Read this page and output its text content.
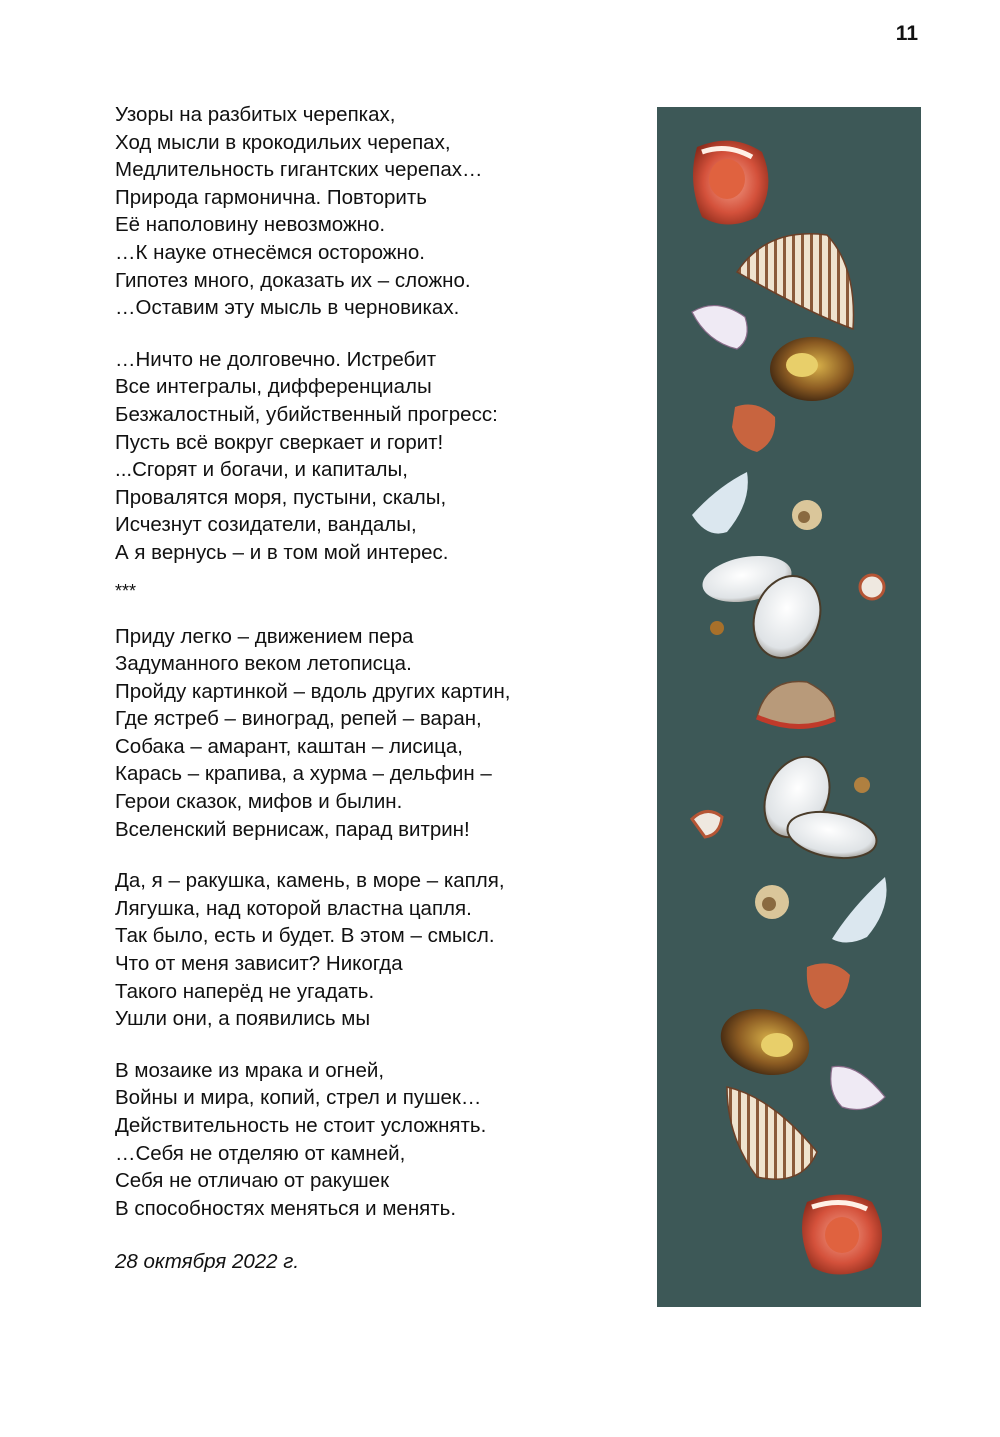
11
Узоры на разбитых черепках,
Ход мысли в крокодильих черепах,
Медлительность гигантских черепах…
Природа гармонична. Повторить
Её наполовину невозможно.
…К науке отнесёмся осторожно.
Гипотез много, доказать их – сложно.
…Оставим эту мысль в черновиках.
…Ничто не долговечно. Истребит
Все интегралы, дифференциалы
Безжалостный, убийственный прогресс:
Пусть всё вокруг сверкает и горит!
...Сгорят и богачи, и капиталы,
Провалятся моря, пустыни, скалы,
Исчезнут созидатели, вандалы,
А я вернусь – и в том мой интерес.
***
Приду легко – движением пера
Задуманного веком летописца.
Пройду картинкой – вдоль других картин,
Где ястреб – виноград, репей – варан,
Собака – амарант, каштан – лисица,
Карась – крапива, а хурма – дельфин –
Герои сказок, мифов и былин.
Вселенский вернисаж, парад витрин!
Да, я – ракушка, камень, в море – капля,
Лягушка, над которой властна цапля.
Так было, есть и будет. В этом – смысл.
Что от меня зависит? Никогда
Такого наперёд не угадать.
Ушли они, а появились мы
В мозаике из мрака и огней,
Войны и мира, копий, стрел и пушек…
Действительность не стоит усложнять.
…Себя не отделяю от камней,
Себя не отличаю от ракушек
В способностях меняться и менять.
28 октября 2022 г.
